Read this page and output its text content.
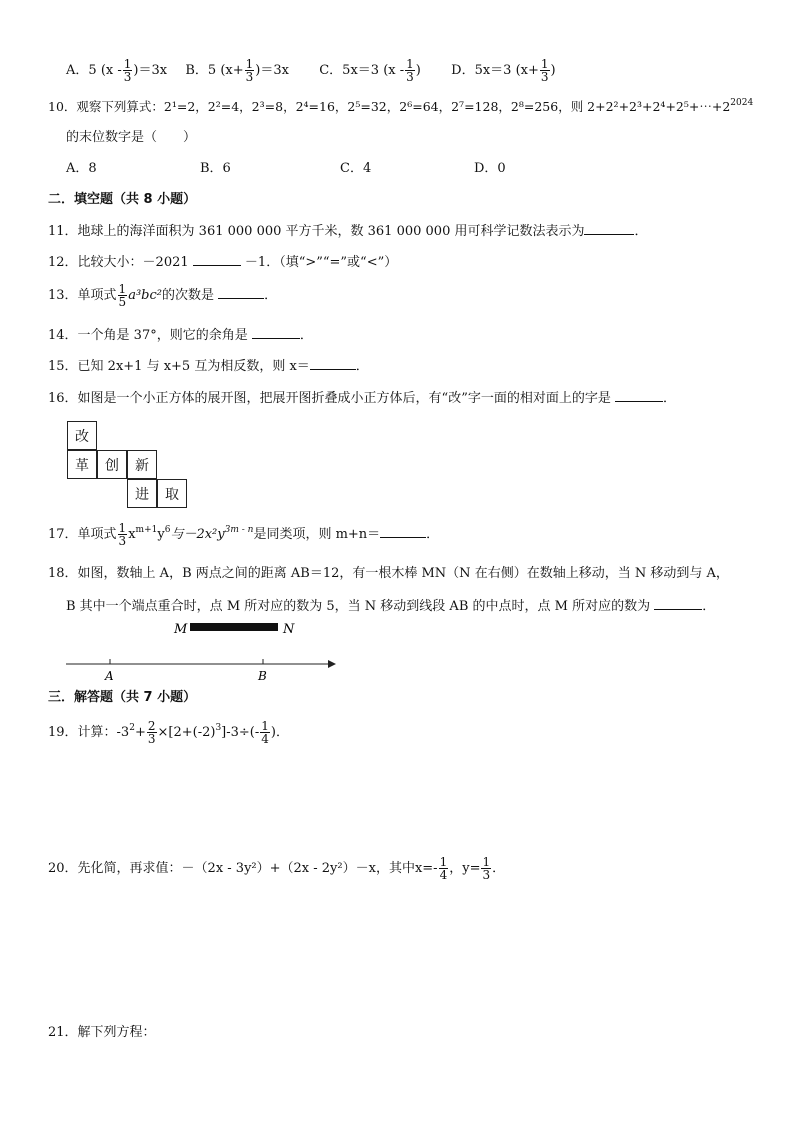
A．5 $(x - \frac{1}{3} )=3x$ B．5 $(x+ \frac{1}{3} )=3x$ C．5x＝3 ($x - \frac{1}{3}$ ) D．5x＝3 ($x+ \frac{1}{3}$ )
10．观察下列算式：2¹=2，2²=4，2³=8，2⁴=16，2⁵=32，2⁶=64，2⁷=128，2⁸=256，则 $2+2^2+2^3+2^4+2^5+\cdots+2^{2024}$
的末位数字是（　　）
A．8	B．6	C．4	D．0
二．填空题（共 8 小题）
11．地球上的海洋面积为 361 000 000 平方千米，数 361 000 000 用可科学记数法表示为	．
12．比较大小：－2021	－1．（填“>”“=”或“<”）
13．单项式 $\frac{1}{5} a^3bc^2$的次数是	．
14．一个角是 37°，则它的余角是	．
15．已知 2x+1 与 x+5 互为相反数，则 x＝	．
16．如图是一个小正方体的展开图，把展开图折叠成小正方体后，有“改”字一面的相对面上的字是	．
改
革	创	新
进	取
17．单项式 $\frac{1}{3} x^{m+1}y^6$与$-2x^2y^{3m - n}$是同类项，则 m+n＝	．
18．如图，数轴上 A，B 两点之间的距离 AB＝12，有一根木棒 MN（N 在右侧）在数轴上移动，当 N 移动到与 A，
B 其中一个端点重合时，点 M 所对应的数为 5，当 N 移动到线段 AB 的中点时，点 M 所对应的数为	．
M	N
A	B
三．解答题（共 7 小题）
19．计算：$-3^2+ \frac{2}{3} \times[2+(-2)^3]-3\div(- \frac{1}{4}$ )．
20．先化简，再求值：－（2x - 3y²）+（2x - 2y²）－x，其中$x=- \frac{1}{4}$ ，$y= \frac{1}{3}$ ．
21．解下列方程：
